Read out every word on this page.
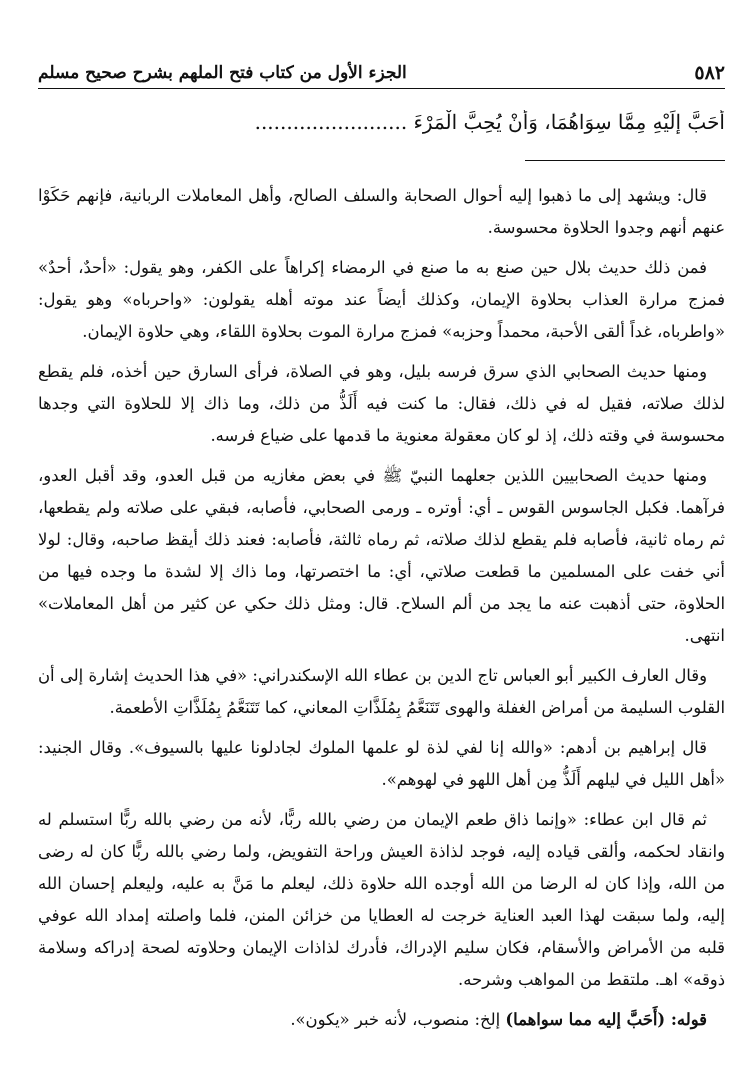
٥٨٢
الجزء الأول من كتاب فتح الملهم بشرح صحيح مسلم
أَحَبَّ إِلَيْهِ مِمَّا سِوَاهُمَا، وَأَنْ يُحِبَّ الْمَرْءَ ........................

قال: ويشهد إلى ما ذهبوا إليه أحوال الصحابة والسلف الصالح، وأهل المعاملات الربانية، فإنهم حَكَوْا عنهم أنهم وجدوا الحلاوة محسوسة.

فمن ذلك حديث بلال حين صنع به ما صنع في الرمضاء إكراهاً على الكفر، وهو يقول: «أحدٌ، أحدٌ» فمزج مرارة العذاب بحلاوة الإيمان، وكذلك أيضاً عند موته أهله يقولون: «واحرباه» وهو يقول: «واطرباه، غداً ألقى الأحبة، محمداً وحزبه» فمزج مرارة الموت بحلاوة اللقاء، وهي حلاوة الإيمان.

ومنها حديث الصحابي الذي سرق فرسه بليل، وهو في الصلاة، فرأى السارق حين أخذه، فلم يقطع لذلك صلاته، فقيل له في ذلك، فقال: ما كنت فيه أَلَذُّ من ذلك، وما ذاك إلا للحلاوة التي وجدها محسوسة في وقته ذلك، إذ لو كان معقولة معنوية ما قدمها على ضياع فرسه.

ومنها حديث الصحابيين اللذين جعلهما النبيّ ﷺ في بعض مغازيه من قبل العدو، وقد أقبل العدو، فرآهما. فكبل الجاسوس القوس ـ أي: أوتره ـ ورمى الصحابي، فأصابه، فبقي على صلاته ولم يقطعها، ثم رماه ثانية، فأصابه فلم يقطع لذلك صلاته، ثم رماه ثالثة، فأصابه: فعند ذلك أيقظ صاحبه، وقال: لولا أني خفت على المسلمين ما قطعت صلاتي، أي: ما اختصرتها، وما ذاك إلا لشدة ما وجده فيها من الحلاوة، حتى أذهبت عنه ما يجد من ألم السلاح. قال: ومثل ذلك حكي عن كثير من أهل المعاملات» انتهى.

وقال العارف الكبير أبو العباس تاج الدين بن عطاء الله الإسكندراني: «في هذا الحديث إشارة إلى أن القلوب السليمة من أمراض الغفلة والهوى تَتَنَعَّمُ بِمُلَذَّاتِ المعاني، كما تَتَنَعَّمُ بِمُلَذَّاتِ الأطعمة.

قال إبراهيم بن أدهم: «والله إنا لفي لذة لو علمها الملوك لجادلونا عليها بالسيوف». وقال الجنيد: «أهل الليل في ليلهم أَلَذُّ مِن أهل اللهو في لهوهم».

ثم قال ابن عطاء: «وإنما ذاق طعم الإيمان من رضي بالله ربًّا، لأنه من رضي بالله ربًّا استسلم له وانقاد لحكمه، وألقى قياده إليه، فوجد لذاذة العيش وراحة التفويض، ولما رضي بالله ربًّا كان له رضى من الله، وإذا كان له الرضا من الله أوجده الله حلاوة ذلك، ليعلم ما مَنَّ به عليه، وليعلم إحسان الله إليه، ولما سبقت لهذا العبد العناية خرجت له العطايا من خزائن المنن، فلما واصلته إمداد الله عوفي قلبه من الأمراض والأسقام، فكان سليم الإدراك، فأدرك لذاذات الإيمان وحلاوته لصحة إدراكه وسلامة ذوقه» اهـ. ملتقط من المواهب وشرحه.

قوله: (أَحَبَّ إليه مما سواهما) إلخ: منصوب، لأنه خبر «يكون».
